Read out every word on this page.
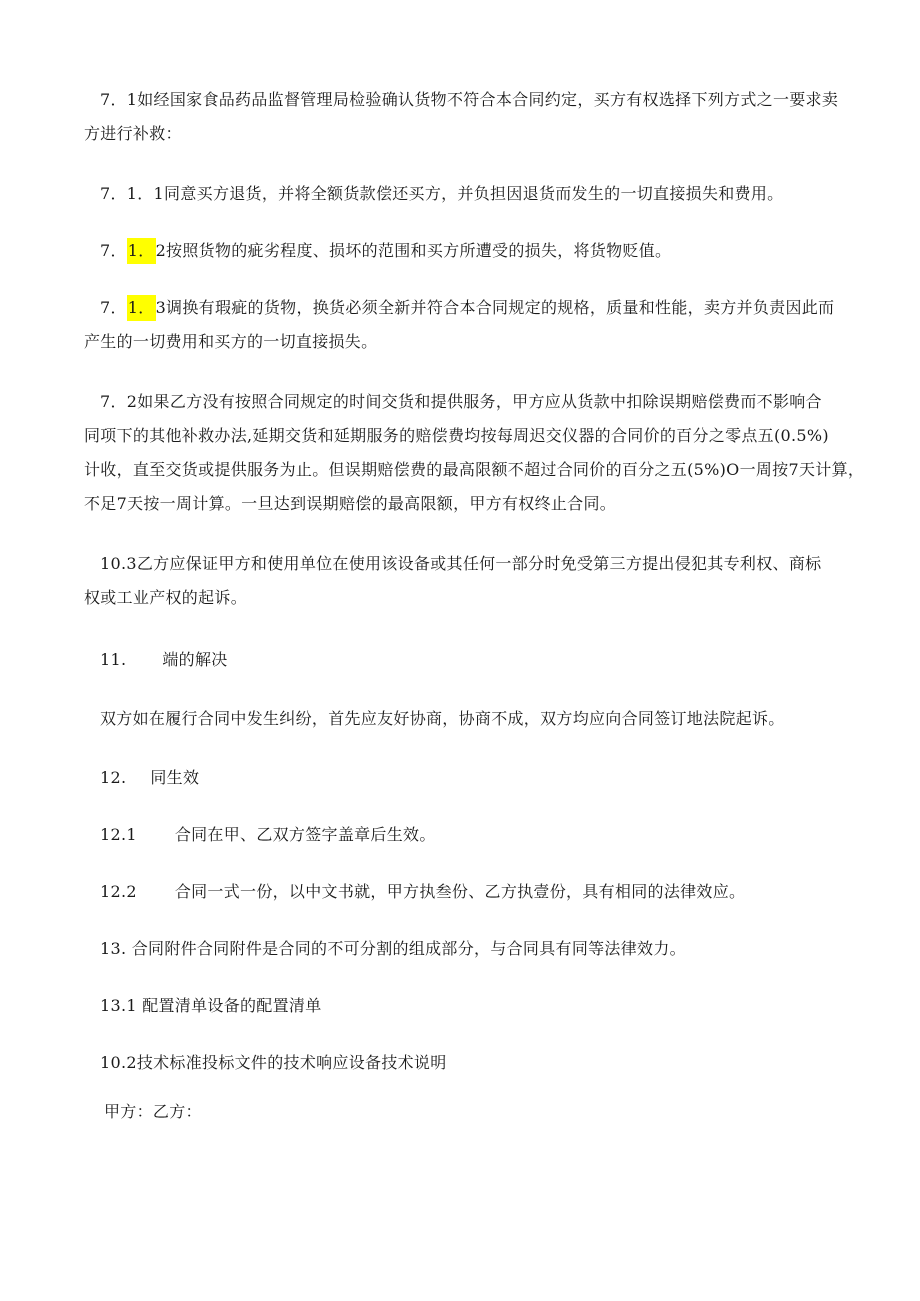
7．1如经国家食品药品监督管理局检验确认货物不符合本合同约定，买方有权选择下列方式之一要求卖
方进行补救：
7．1．1同意买方退货，并将全额货款偿还买方，并负担因退货而发生的一切直接损失和费用。
7．1．2按照货物的疵劣程度、损坏的范围和买方所遭受的损失，将货物贬值。
7．1．3调换有瑕疵的货物，换货必须全新并符合本合同规定的规格，质量和性能，卖方并负责因此而
产生的一切费用和买方的一切直接损失。
7．2如果乙方没有按照合同规定的时间交货和提供服务，甲方应从货款中扣除误期赔偿费而不影响合
同项下的其他补救办法,延期交货和延期服务的赔偿费均按每周迟交仪器的合同价的百分之零点五(0.5%)
计收，直至交货或提供服务为止。但误期赔偿费的最高限额不超过合同价的百分之五(5%)O一周按7天计算，
不足7天按一周计算。一旦达到误期赔偿的最高限额，甲方有权终止合同。
10.3乙方应保证甲方和使用单位在使用该设备或其任何一部分时免受第三方提出侵犯其专利权、商标
权或工业产权的起诉。
11. 端的解决
双方如在履行合同中发生纠纷，首先应友好协商，协商不成，双方均应向合同签订地法院起诉。
12. 同生效
12.1 合同在甲、乙双方签字盖章后生效。
12.2 合同一式一份，以中文书就，甲方执叁份、乙方执壹份，具有相同的法律效应。
13. 合同附件合同附件是合同的不可分割的组成部分，与合同具有同等法律效力。
13.1 配置清单设备的配置清单
10.2技术标准投标文件的技术响应设备技术说明
甲方：乙方：
